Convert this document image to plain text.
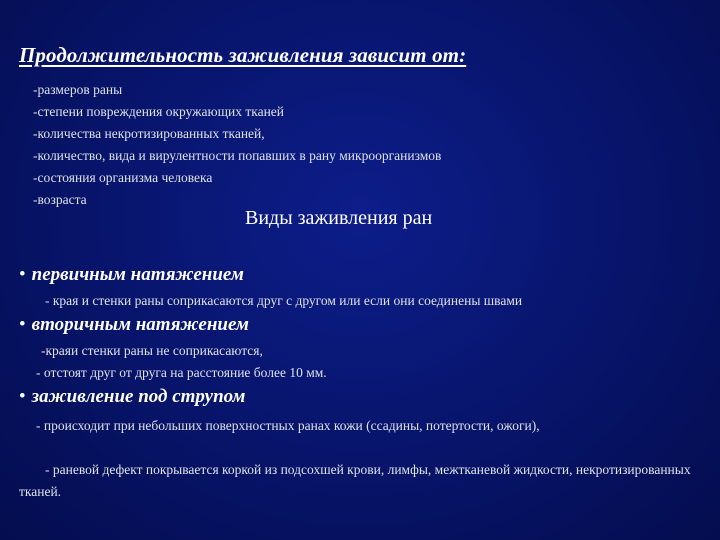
Продолжительность заживления зависит от:
-размеров раны
-степени повреждения окружающих тканей
-количества некротизированных тканей,
-количество, вида и вирулентности попавших в рану микроорганизмов
-состояния организма человека
-возраста
Виды заживления ран
• первичным натяжением
- края и стенки раны соприкасаются друг с другом или если они соединены швами
• вторичным натяжением
-краяи стенки раны не соприкасаются,
- отстоят друг от друга на расстояние более 10 мм.
• заживление под струпом
- происходит при небольших поверхностных ранах кожи (ссадины, потертости, ожоги),
- раневой дефект покрывается коркой из подсохшей крови, лимфы, межтканевой жидкости, некротизированных тканей.
